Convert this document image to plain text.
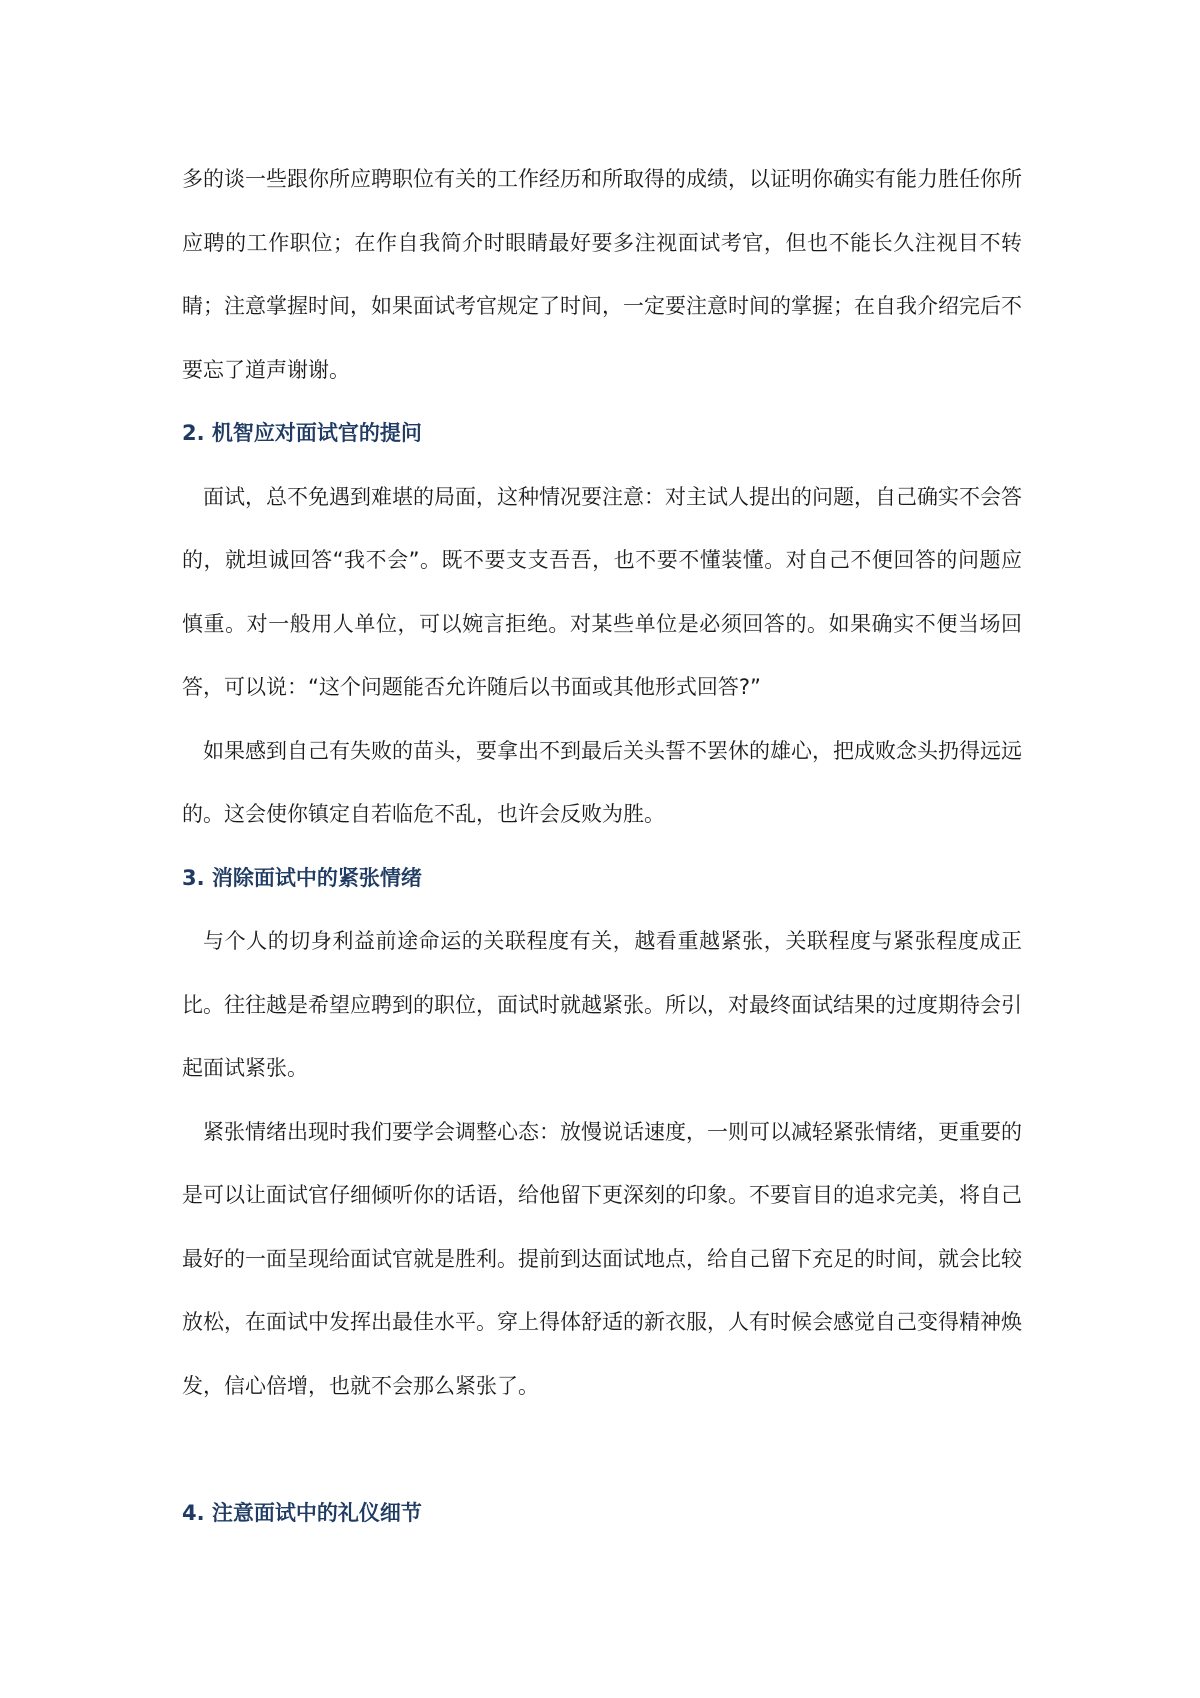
多的谈一些跟你所应聘职位有关的工作经历和所取得的成绩，以证明你确实有能力胜任你所应聘的工作职位；在作自我简介时眼睛最好要多注视面试考官，但也不能长久注视目不转睛；注意掌握时间，如果面试考官规定了时间，一定要注意时间的掌握；在自我介绍完后不要忘了道声谢谢。

2. 机智应对面试官的提问

面试，总不免遇到难堪的局面，这种情况要注意：对主试人提出的问题，自己确实不会答的，就坦诚回答“我不会”。既不要支支吾吾，也不要不懂装懂。对自己不便回答的问题应慎重。对一般用人单位，可以婉言拒绝。对某些单位是必须回答的。如果确实不便当场回答，可以说：“这个问题能否允许随后以书面或其他形式回答?”

如果感到自己有失败的苗头，要拿出不到最后关头誓不罢休的雄心，把成败念头扔得远远的。这会使你镇定自若临危不乱，也许会反败为胜。

3. 消除面试中的紧张情绪

与个人的切身利益前途命运的关联程度有关，越看重越紧张，关联程度与紧张程度成正比。往往越是希望应聘到的职位，面试时就越紧张。所以，对最终面试结果的过度期待会引起面试紧张。

紧张情绪出现时我们要学会调整心态：放慢说话速度，一则可以减轻紧张情绪，更重要的是可以让面试官仔细倾听你的话语，给他留下更深刻的印象。不要盲目的追求完美，将自己最好的一面呈现给面试官就是胜利。提前到达面试地点，给自己留下充足的时间，就会比较放松，在面试中发挥出最佳水平。穿上得体舒适的新衣服，人有时候会感觉自己变得精神焕发，信心倍增，也就不会那么紧张了。

4. 注意面试中的礼仪细节
